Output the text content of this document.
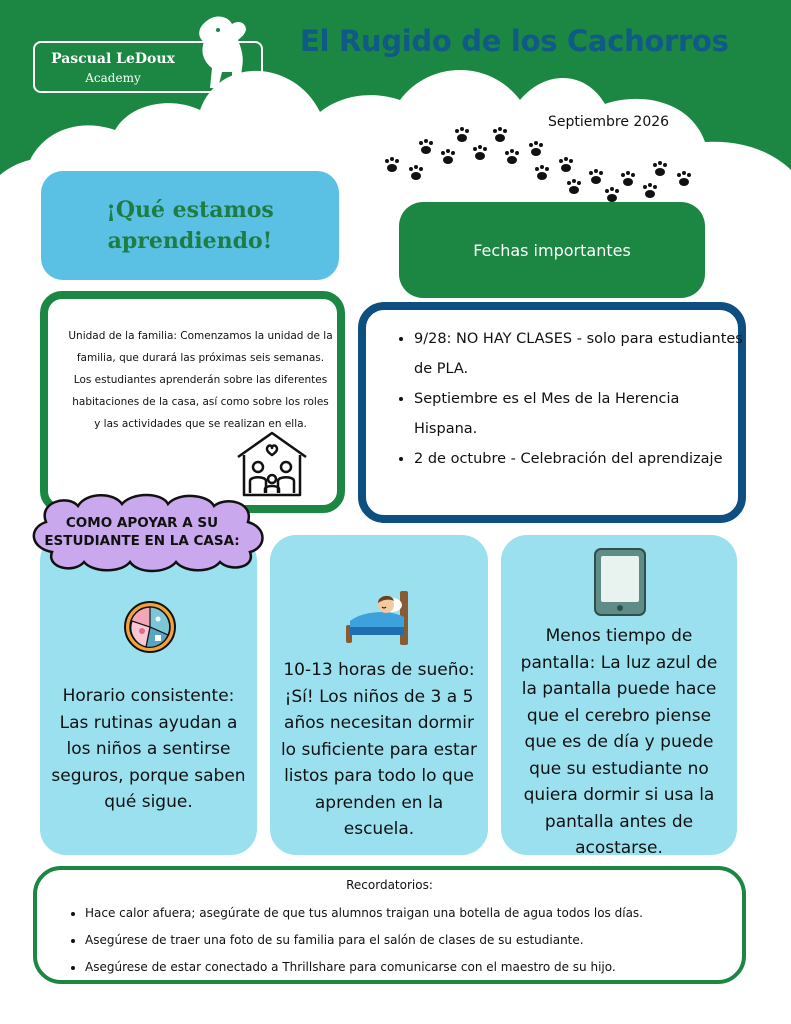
Pascual LeDoux
Academy
El Rugido de los Cachorros
Septiembre 2026
¡Qué estamos aprendiendo!	Fechas importantes
Unidad de la familia: Comenzamos la unidad de la familia, que durará las próximas seis semanas. Los estudiantes aprenderán sobre las diferentes habitaciones de la casa, así como sobre los roles y las actividades que se realizan en ella.
• 9/28: NO HAY CLASES - solo para estudiantes de PLA.
• Septiembre es el Mes de la Herencia Hispana.
• 2 de octubre - Celebración del aprendizaje
Horario consistente: Las rutinas ayudan a los niños a sentirse seguros, porque saben qué sigue.
10-13 horas de sueño: ¡Sí! Los niños de 3 a 5 años necesitan dormir lo suficiente para estar listos para todo lo que aprenden en la escuela.
Menos tiempo de pantalla: La luz azul de la pantalla puede hace que el cerebro piense que es de día y puede que su estudiante no quiera dormir si usa la pantalla antes de acostarse.
COMO APOYAR A SU ESTUDIANTE EN LA CASA:
Recordatorios:
• Hace calor afuera; asegúrate de que tus alumnos traigan una botella de agua todos los días.
• Asegúrese de traer una foto de su familia para el salón de clases de su estudiante.
• Asegúrese de estar conectado a Thrillshare para comunicarse con el maestro de su hijo.
